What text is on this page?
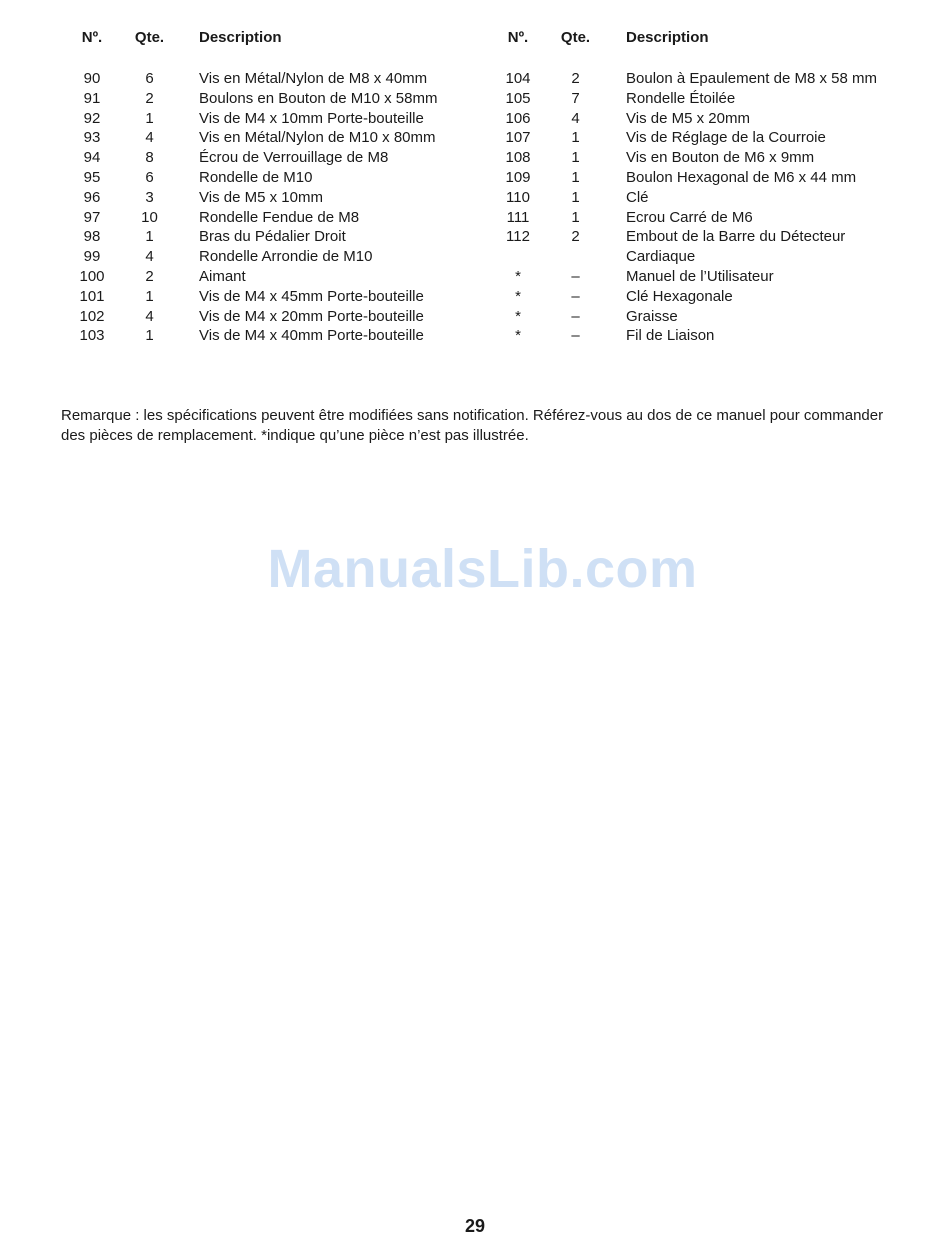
Nº.	Qte.	Description
90	6	Vis en Métal/Nylon de M8 x 40mm
91	2	Boulons en Bouton de M10 x 58mm
92	1	Vis de M4 x 10mm Porte-bouteille
93	4	Vis en Métal/Nylon de M10 x 80mm
94	8	Écrou de Verrouillage de M8
95	6	Rondelle de M10
96	3	Vis de M5 x 10mm
97	10	Rondelle Fendue de M8
98	1	Bras du Pédalier Droit
99	4	Rondelle Arrondie de M10
100	2	Aimant
101	1	Vis de M4 x 45mm Porte-bouteille
102	4	Vis de M4 x 20mm Porte-bouteille
103	1	Vis de M4 x 40mm Porte-bouteille
Nº.	Qte.	Description
104	2	Boulon à Epaulement de M8 x 58 mm
105	7	Rondelle Étoilée
106	4	Vis de M5 x 20mm
107	1	Vis de Réglage de la Courroie
108	1	Vis en Bouton de M6 x 9mm
109	1	Boulon Hexagonal de M6 x 44 mm
110	1	Clé
111	1	Ecrou Carré de M6
112	2	Embout de la Barre du Détecteur Cardiaque
*	–	Manuel de l’Utilisateur
*	–	Clé Hexagonale
*	–	Graisse
*	–	Fil de Liaison

Remarque : les spécifications peuvent être modifiées sans notification. Référez-vous au dos de ce manuel pour commander des pièces de remplacement. *indique qu’une pièce n’est pas illustrée.

ManualsLib.com
29
